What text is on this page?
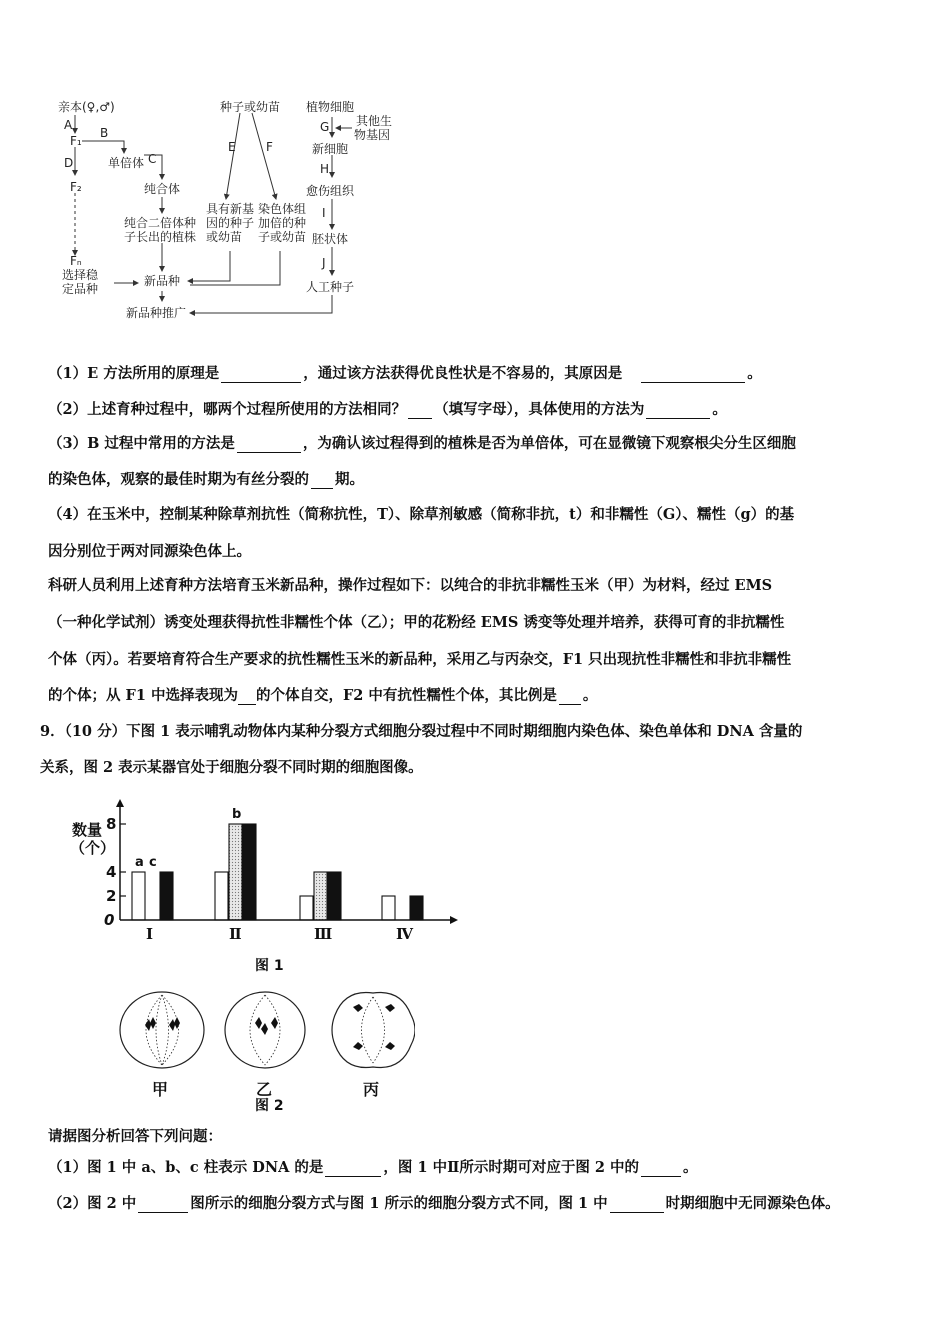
亲本(♀,♂)
A
B
F₁
单倍体 C
D
F₂	纯合体
纯合二倍体种
子长出的植株
Fₙ
选择稳
定品种
新品种
新品种推广
种子或幼苗
E	F
具有新基
因的种子
或幼苗
染色体组
加倍的种
子或幼苗
植物细胞
G 其他生
物基因
新细胞
H
愈伤组织
I
胚状体
J
人工种子
（1）E 方法所用的原理是	，通过该方法获得优良性状是不容易的，其原因是	。
（2）上述育种过程中，哪两个过程所使用的方法相同？ （填写字母），具体使用的方法为	。
（3）B 过程中常用的方法是	，为确认该过程得到的植株是否为单倍体，可在显微镜下观察根尖分生区细胞
的染色体，观察的最佳时期为有丝分裂的 期。
（4）在玉米中，控制某种除草剂抗性（简称抗性，T）、除草剂敏感（简称非抗，t）和非糯性（G）、糯性（g）的基
因分别位于两对同源染色体上。
科研人员利用上述育种方法培育玉米新品种，操作过程如下：以纯合的非抗非糯性玉米（甲）为材料，经过 EMS
（一种化学试剂）诱变处理获得抗性非糯性个体（乙）；甲的花粉经 EMS 诱变等处理并培养，获得可育的非抗糯性
个体（丙）。若要培育符合生产要求的抗性糯性玉米的新品种，采用乙与丙杂交，F1 只出现抗性非糯性和非抗非糯性
的个体；从 F1 中选择表现为 的个体自交，F2 中有抗性糯性个体，其比例是 。
9．（10 分）下图 1 表示哺乳动物体内某种分裂方式细胞分裂过程中不同时期细胞内染色体、染色单体和 DNA 含量的
关系，图 2 表示某器官处于细胞分裂不同时期的细胞图像。
数量（个）
0
2
4
8
Ⅰ	Ⅱ	Ⅲ	Ⅳ
a
b
c
图 1
甲	乙	丙
图 2
请据图分析回答下列问题：
（1）图 1 中 a、b、c 柱表示 DNA 的是	，图 1 中Ⅱ所示时期可对应于图 2 中的	。
（2）图 2 中	图所示的细胞分裂方式与图 1 所示的细胞分裂方式不同，图 1 中	时期细胞中无同源染色体。
